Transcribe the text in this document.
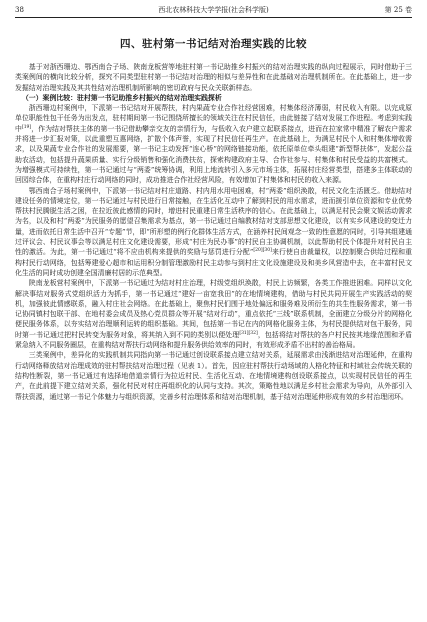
38	西北农林科技大学学报(社会科学版)	第 25 卷
四、驻村第一书记结对治理实践的比较

基于对浙西珊边、鄂西南合子场、陕南龙板营等地驻村第一书记助推乡村振兴的结对治理实践的纵向过程展示，同时借助于三类案例间的横向比较分析，探究不同类型驻村第一书记结对治理的相似与差异性和在此基础对治理机制所在。在此基础上，进一步发掘结对治理实践及其共性结对治理机制所影响的密切政府与民众关联新样态。

（一）案例比较：驻村第一书记助推乡村振兴的结对治理实践探析

浙西珊边村案例中，下派第一书记结对开展帮扶，村内果蔬专业合作社经营困难，村集体经济薄弱，村民收入有限。以完成原单位职能性包干任务为出发点，驻村期间第一书记围绕所擅长的领域关注在村民信任，由此链接了结对发展工作进程。考虑到实践中[19]，作为结对帮扶主体的第一书记借助攀亲交友的亲情行为，与低收入农户建立起联系接点，进而在拉家常中精准了解农户需求并将进一步汇报对策，以此重塑互惠网络，扩散个体声誉，实现了村民信任再生产。在此基础上，为满足村民个人和村集体增收需求，以及果蔬专业合作社的发展需要，第一书记主动发挥“连心桥”的网络链接功能，依托原单位牵头组建“新型帮扶体”，发起公益助农活动，包括提升蔬果质量、实行分级销售和强化消费扶贫，探索构建政府主导、合作社参与、村集体和村民受益的共富模式。为增强模式可持续性，第一书记通过与“两委”统筹协调，利用上地流转引入多元市场主体，拓展村庄经营类型，搭建多主体联动的回园综合体，在重构村庄行动网络的同时，成功推进合作社经营风险，有效增加了村集体和村民的收入来源。

鄂西南合子场村案例中，下派第一书记结对村庄道路、村内用水用电困难，村“两委”组织涣散，村民文化生活匮乏。借助结对建设任务的情境定位，第一书记通过与村民进行日常接触，在生活化互动中了解到村民的用水需求，进而援引单位资源和专业优势帮扶村民腾脱生活之困，在拉近彼此感情的同时，增进村民重建日常生活秩序的信心。在此基础上，以满足村民会聚文娱活动需求为名，以及和村“两委”为民服务的愿望召集需求为基点，第一书记通过自编教材结对支部思想文化建设，以有实乡风建设的变迁力量，进而依托日常生活中召开“专题”节，即“所形塑的例行化群体生活方式，在涵养村民间观念一致的性意愿的同时，引导其组建通过评议会、村民议事会等以满足村庄文化建设需要，形成“村庄为民办事”的村民自主协调机制，以此帮助村民个体提升对村民自主性的激活。为此，第一书记通过“将不应由机构来提供的奖励与惩罚进行分配”[20][30]来行使自由裁量权，以控制聚合供给过程和重构村民行动网络，包括筹建爱心超市和运用积分制管理激励村民主动参与到村庄文化设施建设及和美乡风营造中去，在丰富村民文化生活的同时成功创建全国清廉村居的示范典型。

陕南龙板营村案例中，下派第一书记通过为结对村庄治理，村级党组织涣散，村民上访频繁，各类工作推进困难。同样以文化解决事结对服务式党组织活力为抓手，第一书记通过“建好一亩宽我田”的在地情境建构，借助与村民共同开展生产实践活动的契机，加强彼此情感联系，融入村庄社会网络。在此基础上，聚焦村民们围于地处偏远和服务难及所衍生的共生性服务需求，第一书记协同镇村包联干部、在地村委会成员及热心党员群众等开展“结对行动”，重点依托“三线”联系机制，全面建立分级分片的网格化便民服务体系，以夯实结对治理顺利运转的组织基础。其间，包括第一书记在内的网格化服务主体，为村民提供结对包干服务，同时第一书记通过把村民转变为服务对象，将其纳入到不同的类别以便处理[31][32]，包括将结对帮扶的各户村民按其地缘范围和矛盾紧急纳入不同服务圈层，在重构结对帮扶行动网络和提升服务供给效率的同时，有效形成矛盾不出村的善治格局。

三类案例中，差异化的实践机制共同指向第一书记通过创设联系接点建立结对关系，延展需求由浅渐进结对治理延伸，在重构行动网络释放结对治理成效的驻村帮扶结对治理过程（见表 1）。首先，因应驻村帮扶行动场域的人格化特征和村域社会传统关联的结构性断裂，第一书记通过有选择地借道亲情行为拉近村民、生活化互动、在地情境建构创设联系接点，以实现村民信任的再生产，在此前提下建立结对关系，强化村民对村庄再组织化的认同与支持。其次，策略性地以满足乡村社会需求为导向，从外部引入帮扶资源，通过第一书记个体魅力与组织资源，完善乡村治理体系和结对治理机制，基于结对治理延伸形成有效的乡村治理闭环。
